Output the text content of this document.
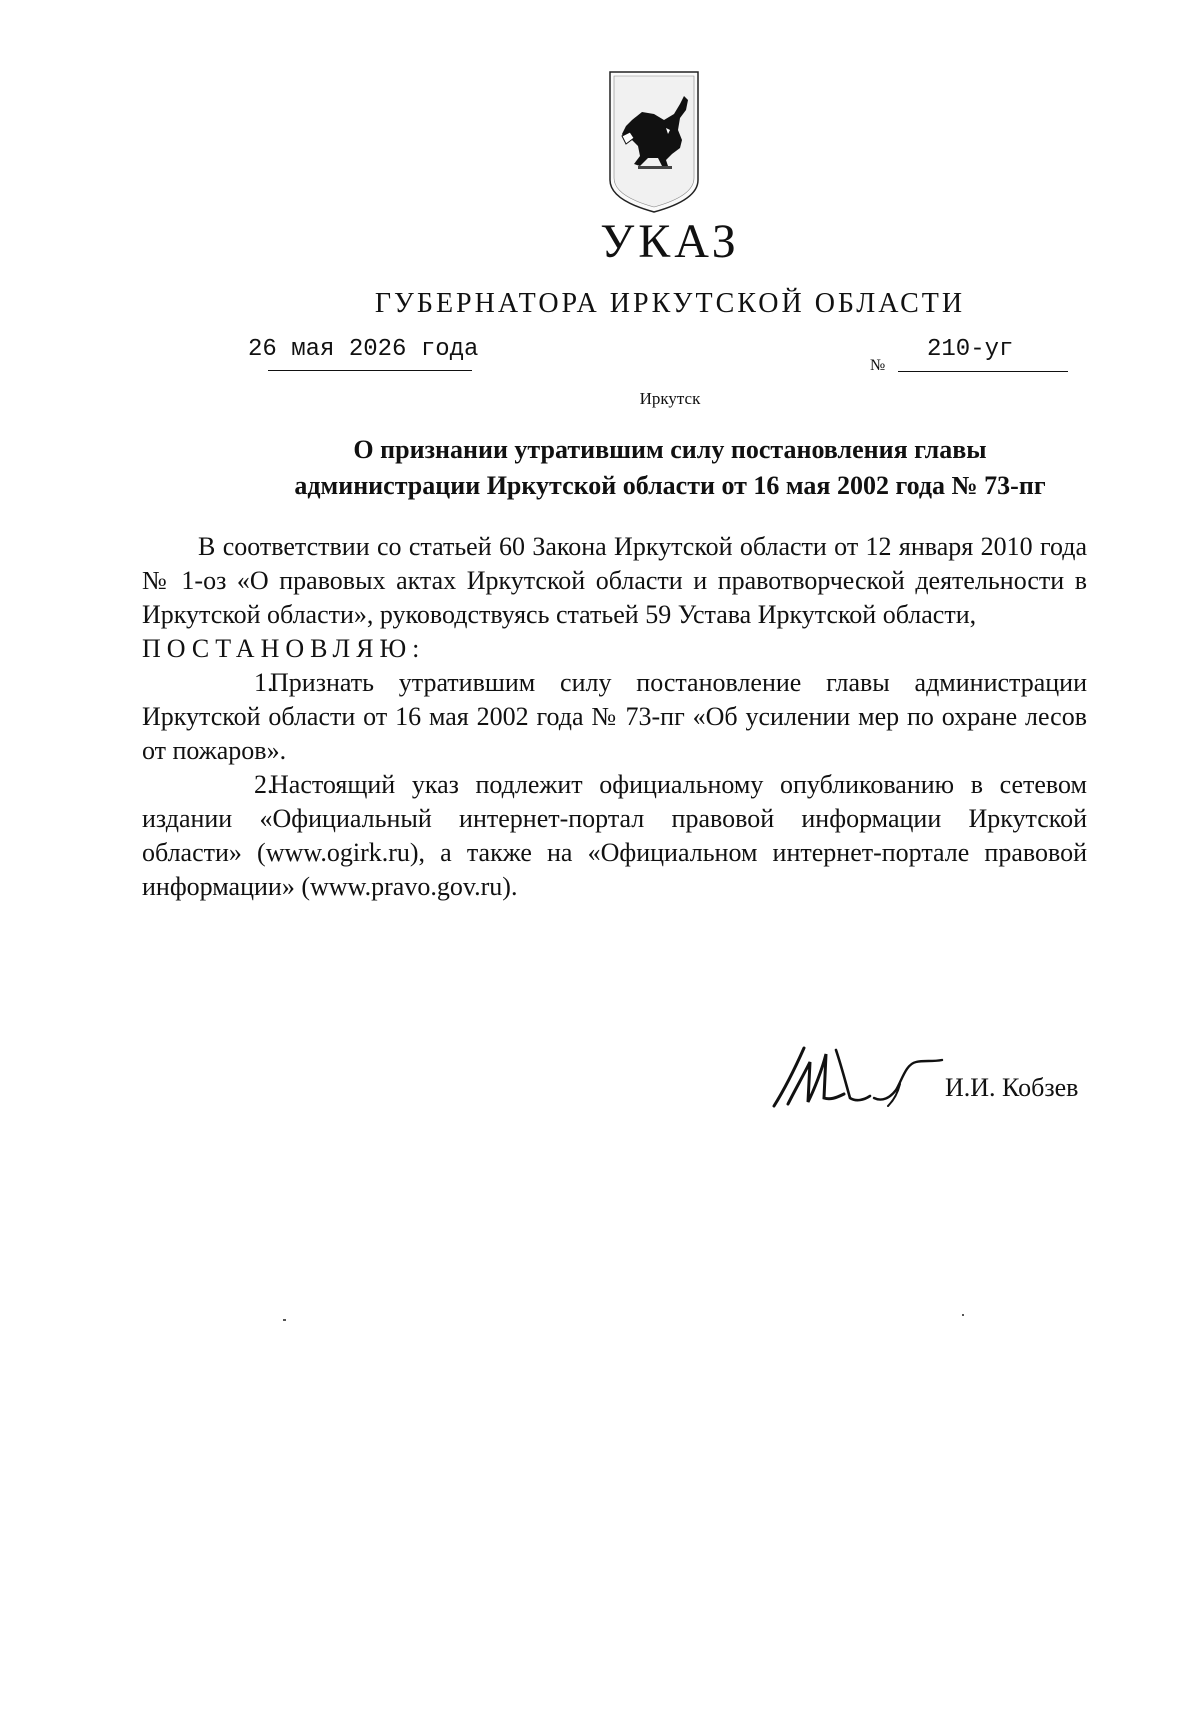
УКАЗ
ГУБЕРНАТОРА ИРКУТСКОЙ ОБЛАСТИ
26 мая 2026 года
№
210-уг
Иркутск
О признании утратившим силу постановления главы
администрации Иркутской области от 16 мая 2002 года № 73-пг

В соответствии со статьей 60 Закона Иркутской области от 12 января 2010 года № 1-оз «О правовых актах Иркутской области и правотворческой деятельности в Иркутской области», руководствуясь статьей 59 Устава Иркутской области,

ПОСТАНОВЛЯЮ:

1.Признать утратившим силу постановление главы администрации Иркутской области от 16 мая 2002 года № 73-пг «Об усилении мер по охране лесов от пожаров».

2.Настоящий указ подлежит официальному опубликованию в сетевом издании «Официальный интернет-портал правовой информации Иркутской области» (www.ogirk.ru), а также на «Официальном интернет-портале правовой информации» (www.pravo.gov.ru).

И.И. Кобзев
